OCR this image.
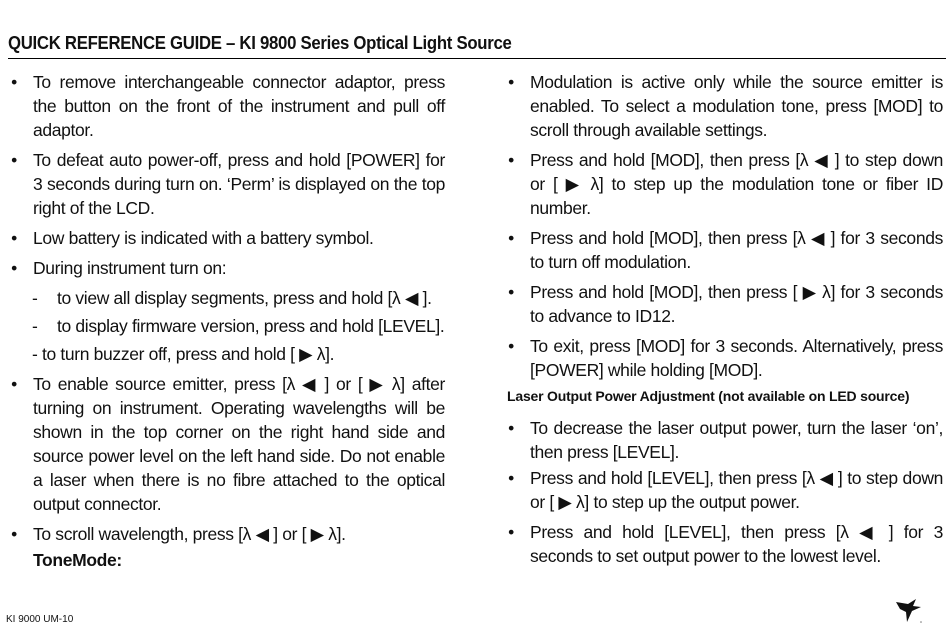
QUICK REFERENCE GUIDE – KI 9800 Series Optical Light Source
• To remove interchangeable connector adaptor, press the button on the front of the instrument and pull off adaptor.
• To defeat auto power-off, press and hold [POWER] for 3 seconds during turn on. ‘Perm’ is displayed on the top right of the LCD.
• Low battery is indicated with a battery symbol.
• During instrument turn on:
- to view all display segments, press and hold [λ ◀ ].
- to display firmware version, press and hold [LEVEL].
- to turn buzzer off, press and hold [ ▶ λ].
• To enable source emitter, press [λ ◀ ] or [ ▶ λ] after turning on instrument. Operating wavelengths will be shown in the top corner on the right hand side and source power level on the left hand side. Do not enable a laser when there is no fibre attached to the optical output connector.
• To scroll wavelength, press [λ ◀ ] or [ ▶ λ].
ToneMode:
• Modulation is active only while the source emitter is enabled. To select a modulation tone, press [MOD] to scroll through available settings.
• Press and hold [MOD], then press [λ ◀ ] to step down or [ ▶ λ] to step up the modulation tone or fiber ID number.
• Press and hold [MOD], then press [λ ◀ ] for 3 seconds to turn off modulation.
• Press and hold [MOD], then press [ ▶ λ] for 3 seconds to advance to ID12.
• To exit, press [MOD] for 3 seconds. Alternatively, press [POWER] while holding [MOD].
Laser Output Power Adjustment (not available on LED source)
• To decrease the laser output power, turn the laser ‘on’, then press [LEVEL].
• Press and hold [LEVEL], then press [λ ◀ ] to step down or [ ▶ λ] to step up the output power.
• Press and hold [LEVEL], then press [λ ◀ ] for 3 seconds to set output power to the lowest level.
KI 9000 UM-10
